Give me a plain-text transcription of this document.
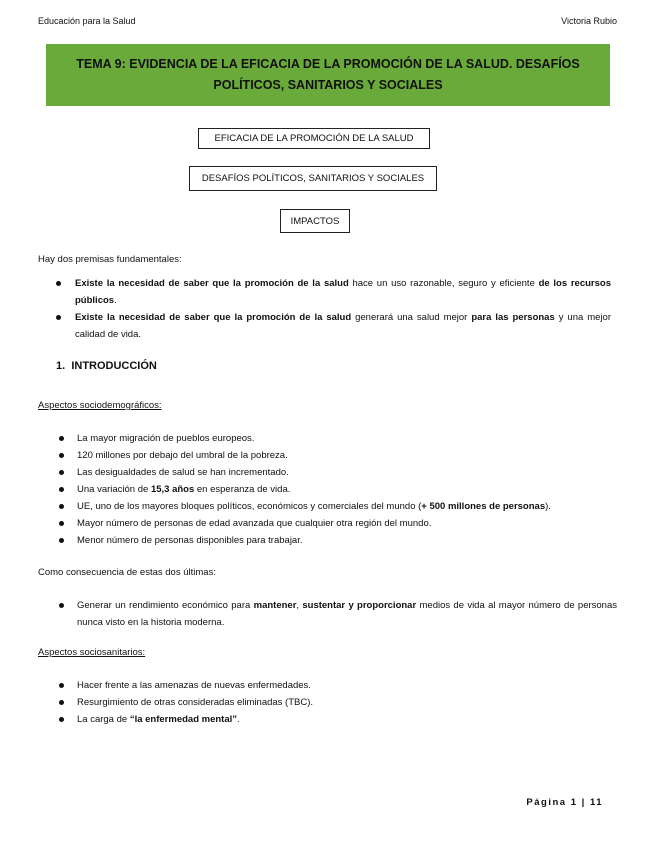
Educación para la Salud	Victoria Rubio
TEMA 9: EVIDENCIA DE LA EFICACIA DE LA PROMOCIÓN DE LA SALUD. DESAFÍOS POLÍTICOS, SANITARIOS Y SOCIALES
EFICACIA DE LA PROMOCIÓN DE LA SALUD
DESAFÍOS POLÍTICOS, SANITARIOS Y SOCIALES
IMPACTOS
Hay dos premisas fundamentales:
Existe la necesidad de saber que la promoción de la salud hace un uso razonable, seguro y eficiente de los recursos públicos.
Existe la necesidad de saber que la promoción de la salud generará una salud mejor para las personas y una mejor calidad de vida.
1. INTRODUCCIÓN
Aspectos sociodemográficos:
La mayor migración de pueblos europeos.
120 millones por debajo del umbral de la pobreza.
Las desigualdades de salud se han incrementado.
Una variación de 15,3 años en esperanza de vida.
UE, uno de los mayores bloques políticos, económicos y comerciales del mundo (+ 500 millones de personas).
Mayor número de personas de edad avanzada que cualquier otra región del mundo.
Menor número de personas disponibles para trabajar.
Como consecuencia de estas dos últimas:
Generar un rendimiento económico para mantener, sustentar y proporcionar medios de vida al mayor número de personas nunca visto en la historia moderna.
Aspectos sociosanitarios:
Hacer frente a las amenazas de nuevas enfermedades.
Resurgimiento de otras consideradas eliminadas (TBC).
La carga de “la enfermedad mental”.
Página 1 | 11
